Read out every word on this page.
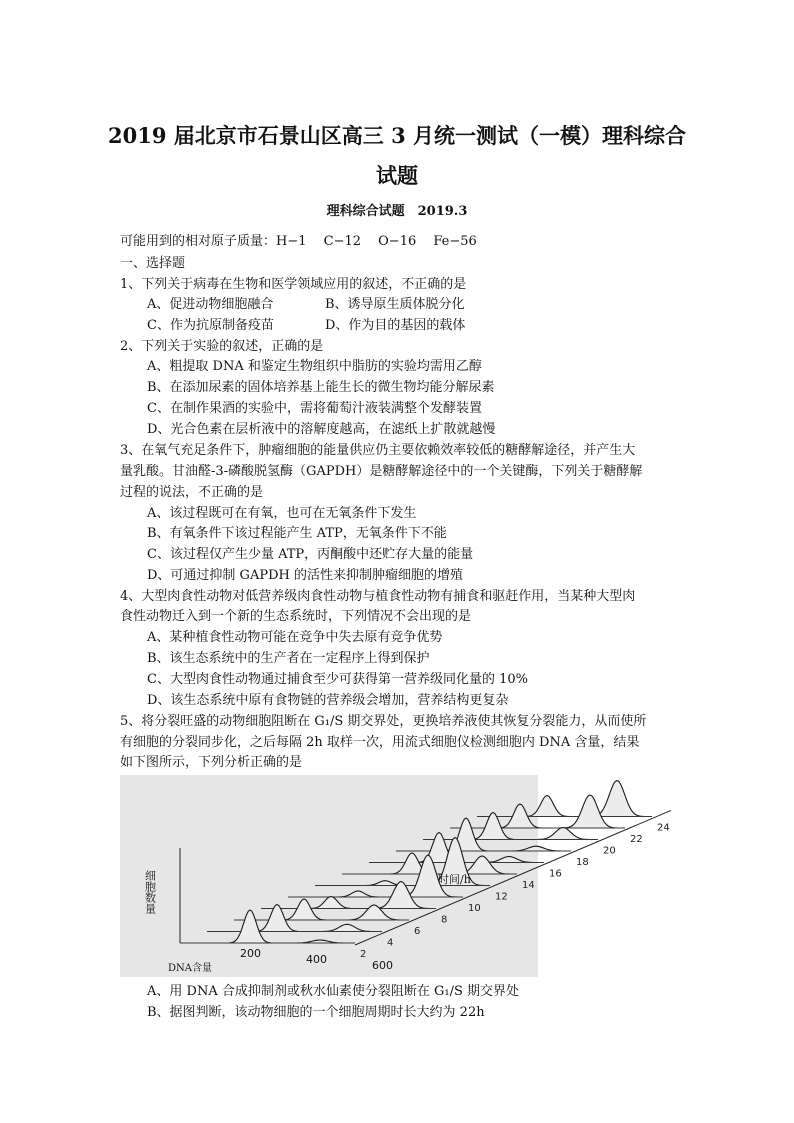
2019 届北京市石景山区高三 3 月统一测试（一模）理科综合
试题
理科综合试题　2019.3
可能用到的相对原子质量：H−1　 C−12　 O−16　 Fe−56
一、选择题
1、下列关于病毒在生物和医学领域应用的叙述，不正确的是
A、促进动物细胞融合	B、诱导原生质体脱分化
C、作为抗原制备疫苗	D、作为目的基因的载体
2、下列关于实验的叙述，正确的是
A、粗提取 DNA 和鉴定生物组织中脂肪的实验均需用乙醇
B、在添加尿素的固体培养基上能生长的微生物均能分解尿素
C、在制作果酒的实验中，需将葡萄汁液装满整个发酵装置
D、光合色素在层析液中的溶解度越高，在滤纸上扩散就越慢
3、在氧气充足条件下，肿瘤细胞的能量供应仍主要依赖效率较低的糖酵解途径，并产生大
量乳酸。甘油醛-3-磷酸脱氢酶（GAPDH）是糖酵解途径中的一个关键酶，下列关于糖酵解
过程的说法，不正确的是
A、该过程既可在有氧，也可在无氧条件下发生
B、有氧条件下该过程能产生 ATP，无氧条件下不能
C、该过程仅产生少量 ATP，丙酮酸中还贮存大量的能量
D、可通过抑制 GAPDH 的活性来抑制肿瘤细胞的增殖
4、大型肉食性动物对低营养级肉食性动物与植食性动物有捕食和驱赶作用，当某种大型肉
食性动物迁入到一个新的生态系统时，下列情况不会出现的是
A、某种植食性动物可能在竞争中失去原有竞争优势
B、该生态系统中的生产者在一定程序上得到保护
C、大型肉食性动物通过捕食至少可获得第一营养级同化量的 10%
D、该生态系统中原有食物链的营养级会增加，营养结构更复杂
5、将分裂旺盛的动物细胞阻断在 G₁/S 期交界处，更换培养液使其恢复分裂能力，从而使所
有细胞的分裂同步化，之后每隔 2h 取样一次，用流式细胞仪检测细胞内 DNA 含量，结果
如下图所示，下列分析正确的是
2
4
6
8
10
12
14
16
18
20
22
24
200	400	600
细胞数量
DNA含量
时间/h
A、用 DNA 合成抑制剂或秋水仙素使分裂阻断在 G₁/S 期交界处
B、据图判断，该动物细胞的一个细胞周期时长大约为 22h
